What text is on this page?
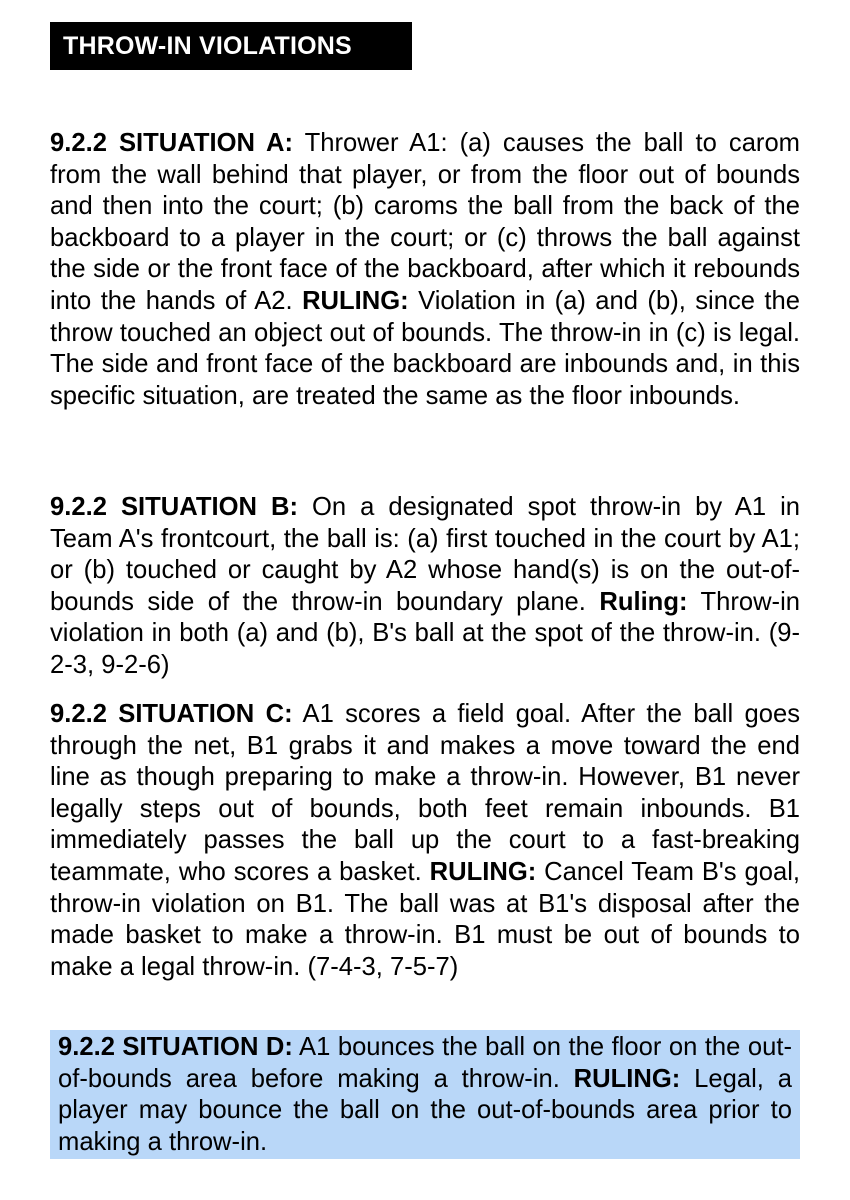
THROW-IN VIOLATIONS
9.2.2 SITUATION A: Thrower A1: (a) causes the ball to carom from the wall behind that player, or from the floor out of bounds and then into the court; (b) caroms the ball from the back of the backboard to a player in the court; or (c) throws the ball against the side or the front face of the backboard, after which it rebounds into the hands of A2. RULING: Violation in (a) and (b), since the throw touched an object out of bounds. The throw-in in (c) is legal. The side and front face of the backboard are inbounds and, in this specific situation, are treated the same as the floor inbounds.
9.2.2 SITUATION B: On a designated spot throw-in by A1 in Team A's frontcourt, the ball is: (a) first touched in the court by A1; or (b) touched or caught by A2 whose hand(s) is on the out-of-bounds side of the throw-in boundary plane. Ruling: Throw-in violation in both (a) and (b), B's ball at the spot of the throw-in. (9-2-3, 9-2-6)
9.2.2 SITUATION C: A1 scores a field goal. After the ball goes through the net, B1 grabs it and makes a move toward the end line as though preparing to make a throw-in. However, B1 never legally steps out of bounds, both feet remain inbounds. B1 immediately passes the ball up the court to a fast-breaking teammate, who scores a basket. RULING: Cancel Team B's goal, throw-in violation on B1. The ball was at B1's disposal after the made basket to make a throw-in. B1 must be out of bounds to make a legal throw-in. (7-4-3, 7-5-7)
9.2.2 SITUATION D: A1 bounces the ball on the floor on the out-of-bounds area before making a throw-in. RULING: Legal, a player may bounce the ball on the out-of-bounds area prior to making a throw-in.
